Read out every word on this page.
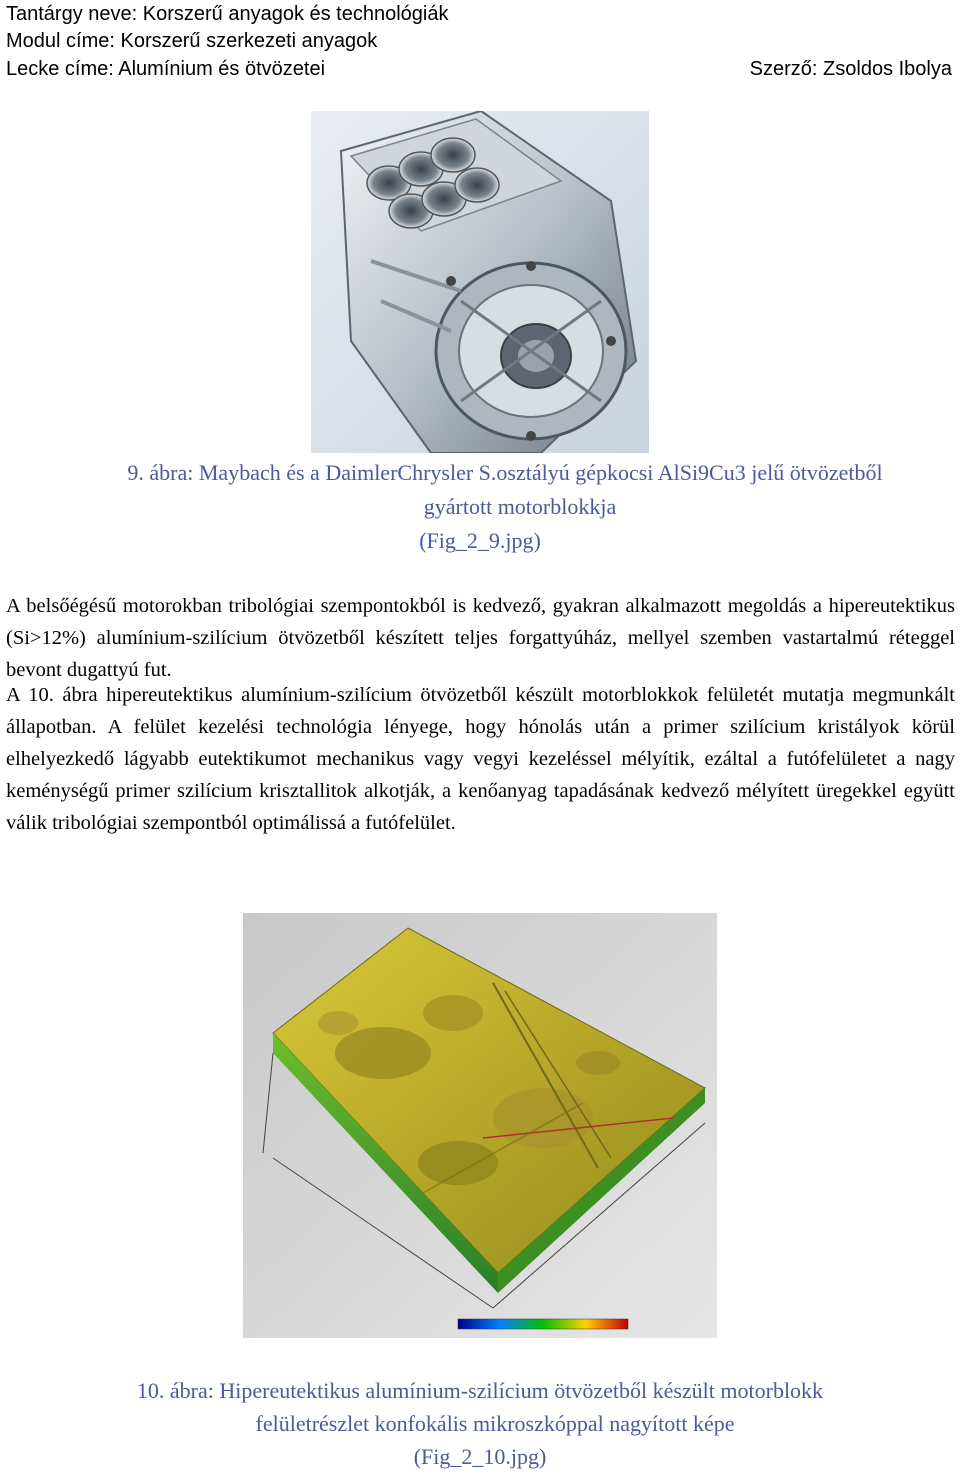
Tantárgy neve: Korszerű anyagok és technológiák
Modul címe: Korszerű szerkezeti anyagok
Lecke címe: Alumínium és ötvözetei	Szerző: Zsoldos Ibolya
9. ábra: Maybach és a DaimlerChrysler S.osztályú gépkocsi AlSi9Cu3 jelű ötvözetből
gyártott motorblokkja
(Fig_2_9.jpg)
A belsőégésű motorokban tribológiai szempontokból is kedvező, gyakran alkalmazott megoldás a hipereutektikus (Si>12%) alumínium-szilícium ötvözetből készített teljes forgattyúház, mellyel szemben vastartalmú réteggel bevont dugattyú fut.
A 10. ábra hipereutektikus alumínium-szilícium ötvözetből készült motorblokkok felületét mutatja megmunkált állapotban. A felület kezelési technológia lényege, hogy hónolás után a primer szilícium kristályok körül elhelyezkedő lágyabb eutektikumot mechanikus vagy vegyi kezeléssel mélyítik, ezáltal a futófelületet a nagy keménységű primer szilícium krisztallitok alkotják, a kenőanyag tapadásának kedvező mélyített üregekkel együtt válik tribológiai szempontból optimálissá a futófelület.
10. ábra: Hipereutektikus alumínium-szilícium ötvözetből készült motorblokk
felületrészlet konfokális mikroszkóppal nagyított képe
(Fig_2_10.jpg)
